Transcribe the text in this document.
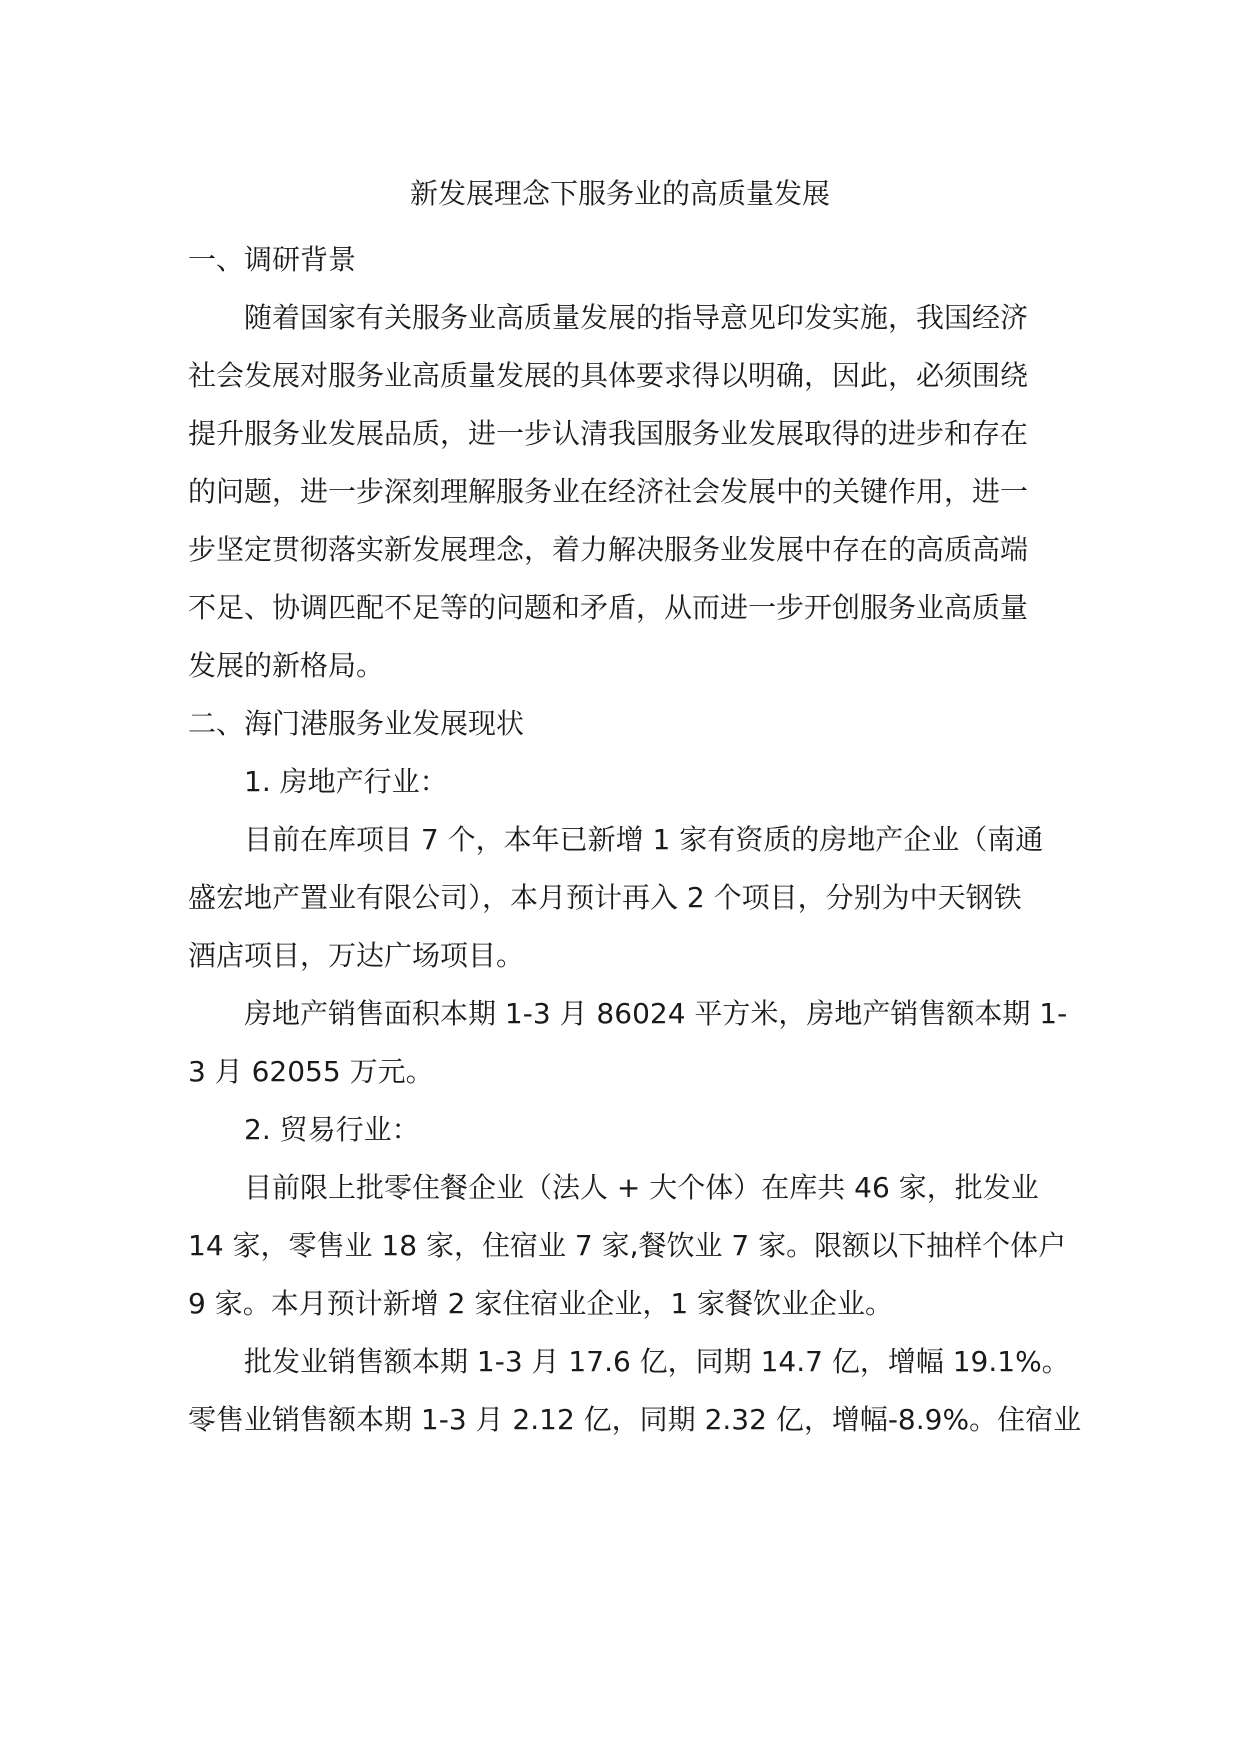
新发展理念下服务业的高质量发展

一、调研背景

随着国家有关服务业高质量发展的指导意见印发实施，我国经济

社会发展对服务业高质量发展的具体要求得以明确，因此，必须围绕

提升服务业发展品质，进一步认清我国服务业发展取得的进步和存在

的问题，进一步深刻理解服务业在经济社会发展中的关键作用，进一

步坚定贯彻落实新发展理念，着力解决服务业发展中存在的高质高端

不足、协调匹配不足等的问题和矛盾，从而进一步开创服务业高质量

发展的新格局。

二、海门港服务业发展现状

1. 房地产行业：

目前在库项目 7 个，本年已新增 1 家有资质的房地产企业（南通

盛宏地产置业有限公司），本月预计再入 2 个项目，分别为中天钢铁

酒店项目，万达广场项目。

房地产销售面积本期 1-3 月 86024 平方米，房地产销售额本期 1-

3 月 62055 万元。

2. 贸易行业：

目前限上批零住餐企业（法人 + 大个体）在库共 46 家，批发业

14 家，零售业 18 家，住宿业 7 家,餐饮业 7 家。限额以下抽样个体户

9 家。本月预计新增 2 家住宿业企业，1 家餐饮业企业。

批发业销售额本期 1-3 月 17.6 亿，同期 14.7 亿，增幅 19.1%。

零售业销售额本期 1-3 月 2.12 亿，同期 2.32 亿，增幅-8.9%。住宿业
